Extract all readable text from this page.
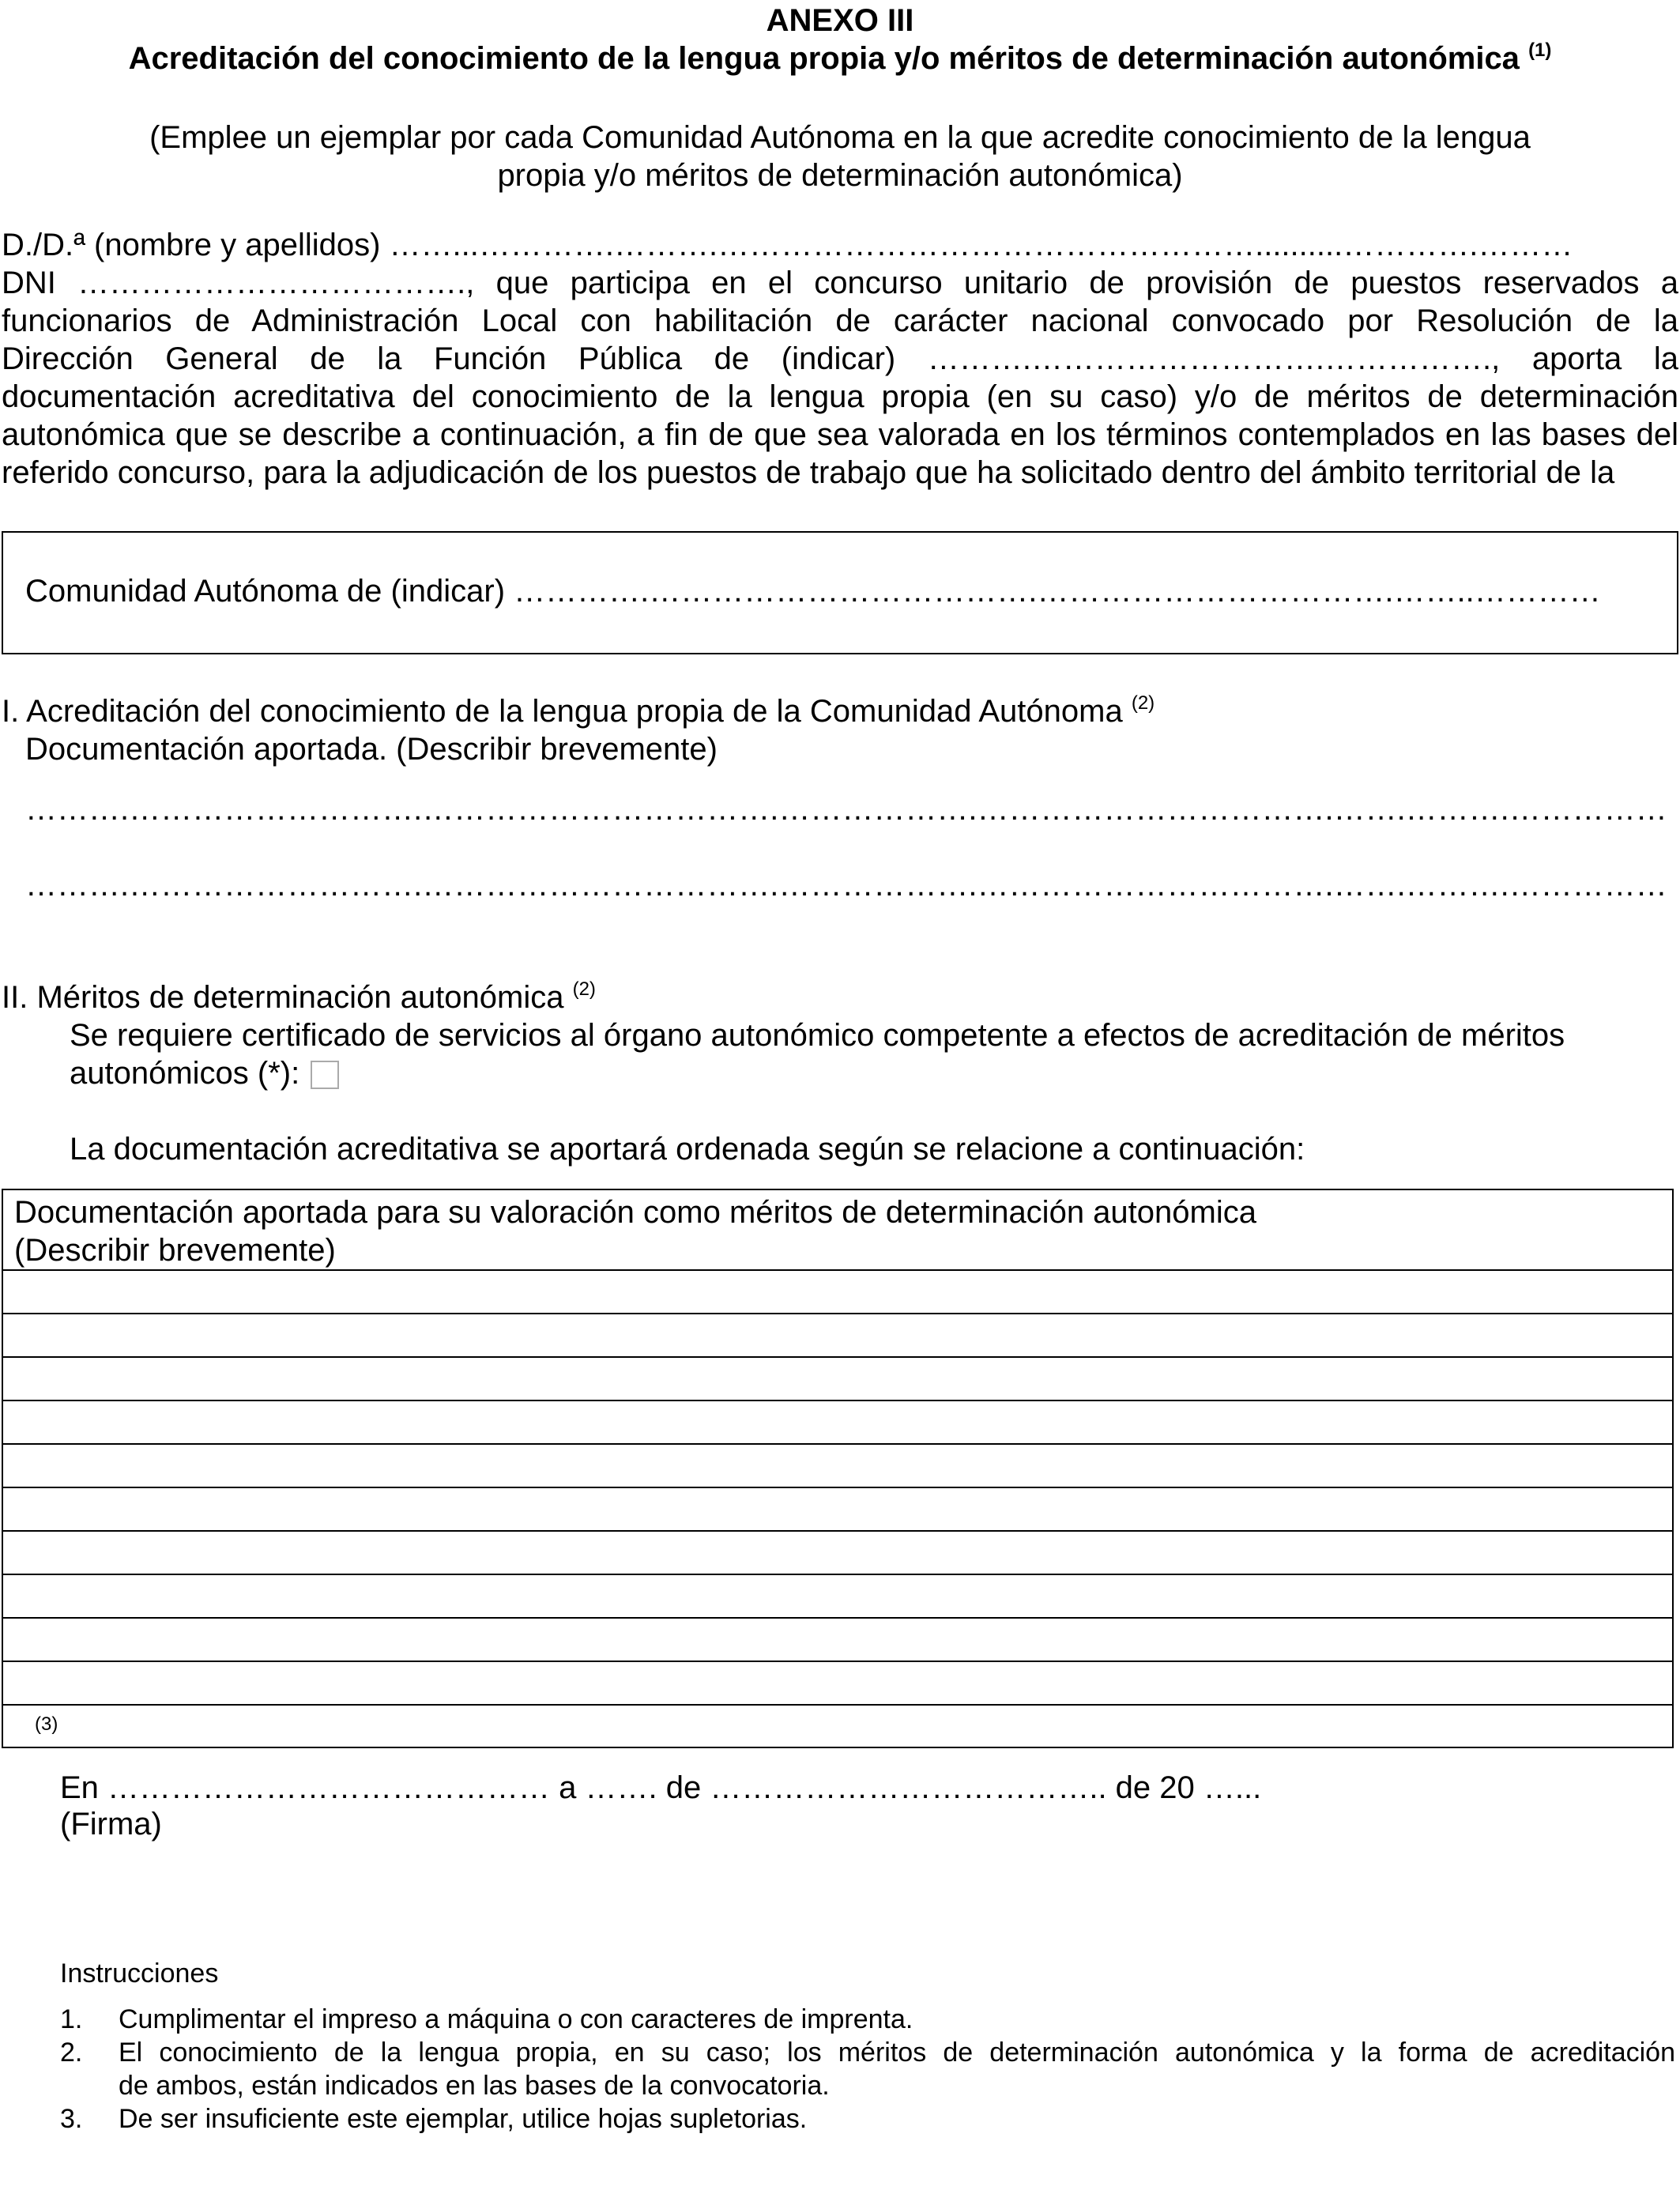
ANEXO III
Acreditación del conocimiento de la lengua propia y/o méritos de determinación autonómica $^{(1)}$
(Emplee un ejemplar por cada Comunidad Autónoma en la que acredite conocimiento de la lengua
propia y/o méritos de determinación autonómica)
D./D.ª (nombre y apellidos) ……...………….……….……………………………………………..........………….………
DNI ………………………………., que participa en el concurso unitario de provisión de puestos reservados a
funcionarios de Administración Local con habilitación de carácter nacional convocado por Resolución de la
Dirección General de la Función Pública de (indicar) ……….……………………….……………., aporta la
documentación acreditativa del conocimiento de la lengua propia (en su caso) y/o de méritos de determinación
autonómica que se describe a continuación, a fin de que sea valorada en los términos contemplados en las bases del
referido concurso, para la adjudicación de los puestos de trabajo que ha solicitado dentro del ámbito territorial de la
Comunidad Autónoma de (indicar) ………….……………………………….…………………………….……..…………
I. Acreditación del conocimiento de la lengua propia de la Comunidad Autónoma $^{(2)}$
Documentación aportada. (Describir brevemente)
……….……………………….…………………………….……………….…………………………….…….……….……………
……….……………………….…………………………….……………….…………………………….…….……….……………
II. Méritos de determinación autonómica $^{(2)}$
Se requiere certificado de servicios al órgano autonómico competente a efectos de acreditación de méritos
autonómicos (*):
La documentación acreditativa se aportará ordenada según se relacione a continuación:
Documentación aportada para su valoración como méritos de determinación autonómica
(Describir brevemente)
(3)
En …………………………………… a ……. de ……………………………….. de 20 …...
(Firma)
Instrucciones
1. Cumplimentar el impreso a máquina o con caracteres de imprenta.
2. El conocimiento de la lengua propia, en su caso; los méritos de determinación autonómica y la forma de acreditación
de ambos, están indicados en las bases de la convocatoria.
3. De ser insuficiente este ejemplar, utilice hojas supletorias.
